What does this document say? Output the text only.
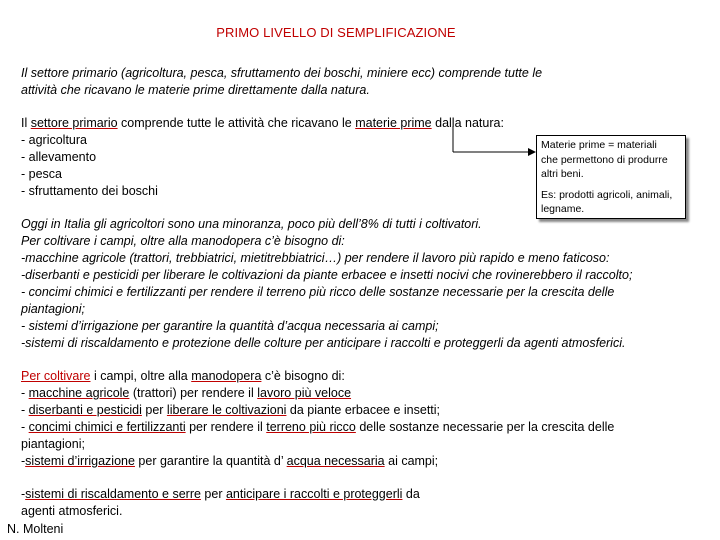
PRIMO LIVELLO DI SEMPLIFICAZIONE
Il settore primario (agricoltura, pesca, sfruttamento dei boschi, miniere ecc) comprende tutte le
attività che ricavano le materie prime direttamente dalla natura.
Il settore primario comprende tutte le attività che ricavano le materie prime dalla natura:
- agricoltura
- allevamento
- pesca
- sfruttamento dei boschi

Materie prime = materiali

che permettono di produrre

altri beni.

Es: prodotti agricoli, animali,

legname.

Oggi in Italia gli agricoltori sono una minoranza, poco più dell’8% di tutti i coltivatori.
Per coltivare i campi, oltre alla manodopera c’è bisogno di:
-macchine agricole (trattori, trebbiatrici, mietitrebbiatrici…) per rendere il lavoro più rapido e meno faticoso:
-diserbanti e pesticidi per liberare le coltivazioni da piante erbacee e insetti nocivi che rovinerebbero il raccolto;
- concimi chimici e fertilizzanti per rendere il terreno più ricco delle sostanze necessarie per la crescita delle
piantagioni;
- sistemi d’irrigazione per garantire la quantità d’acqua necessaria ai campi;
-sistemi di riscaldamento e protezione delle colture per anticipare i raccolti e proteggerli da agenti atmosferici.
Per coltivare i campi, oltre alla manodopera c’è bisogno di:
- macchine agricole (trattori) per rendere il lavoro più veloce
- diserbanti e pesticidi per liberare le coltivazioni da piante erbacee e insetti;
- concimi chimici e fertilizzanti per rendere il terreno più ricco delle sostanze necessarie per la crescita delle
piantagioni;
-sistemi d’irrigazione per garantire la quantità d’ acqua necessaria ai campi;
-sistemi di riscaldamento e serre per anticipare i raccolti e proteggerli da
agenti atmosferici.
N. Molteni
